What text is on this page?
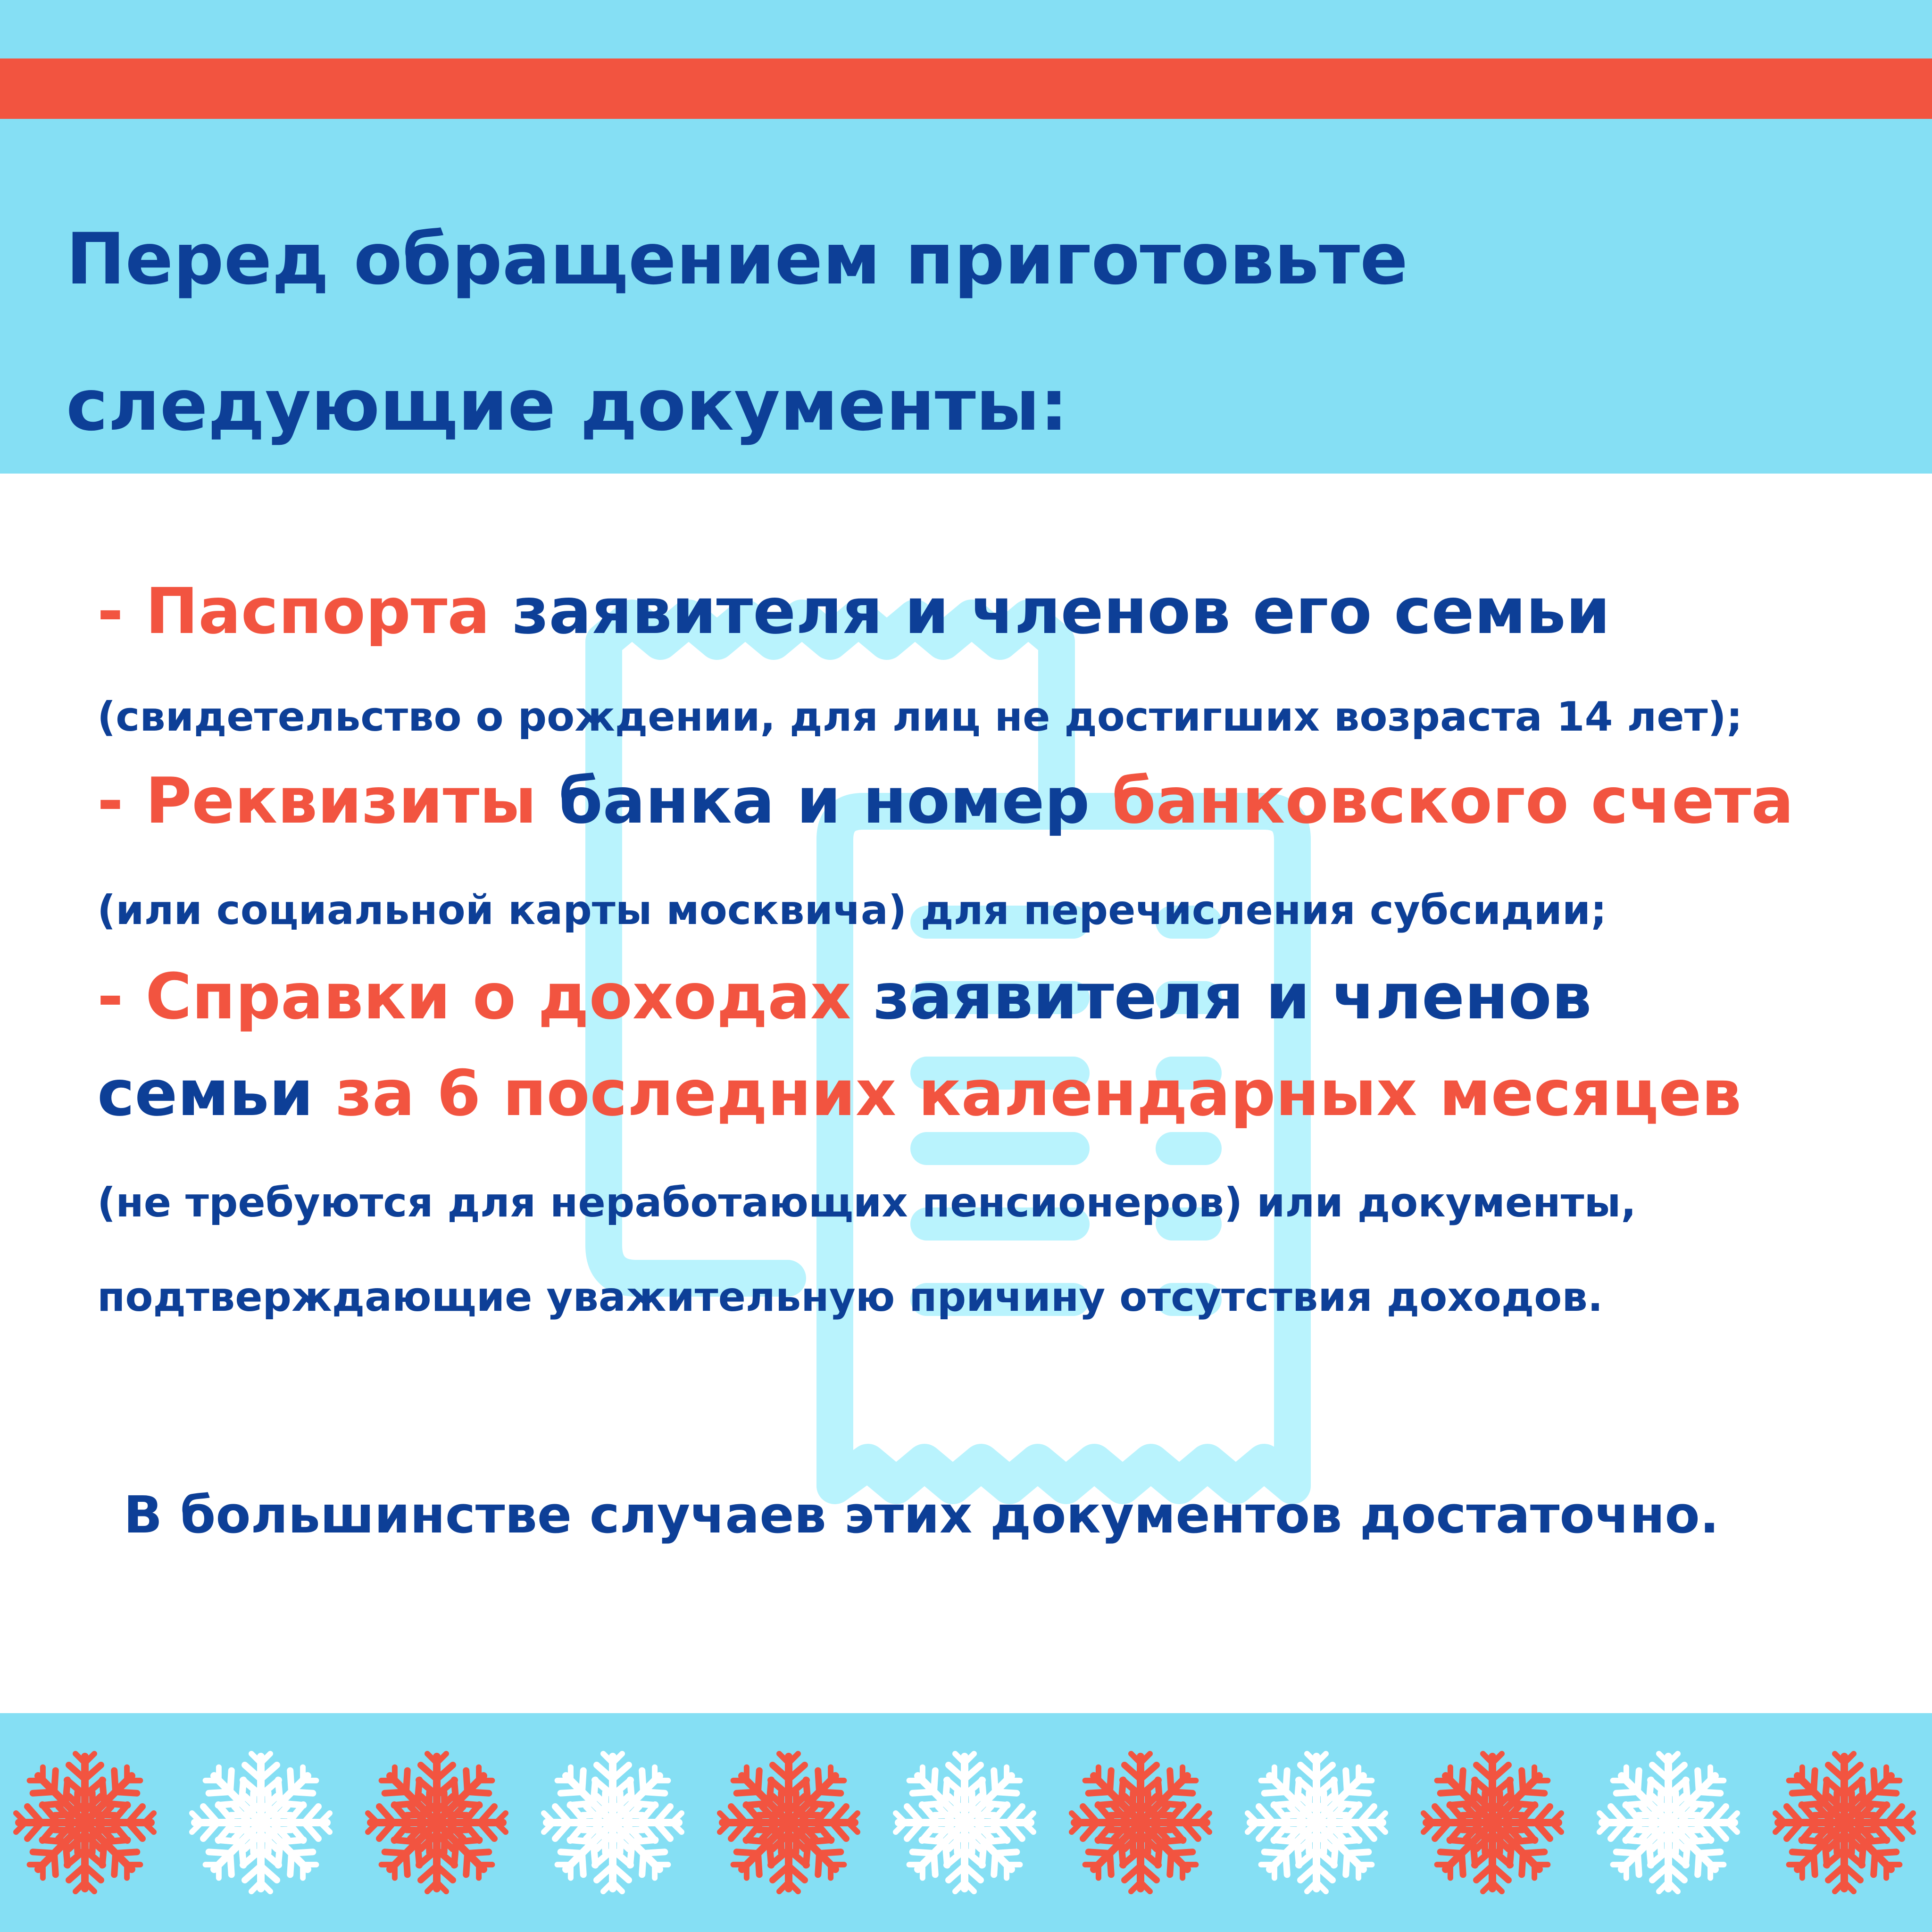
Перед обращением приготовьте
следующие документы:
- Паспорта заявителя и членов его семьи
(свидетельство о рождении, для лиц не достигших возраста 14 лет);
- Реквизиты банка и номер банковского счета
(или социальной карты москвича) для перечисления субсидии;
- Справки о доходах заявителя и членов
семьи за 6 последних календарных месяцев
(не требуются для неработающих пенсионеров) или документы,
подтверждающие уважительную причину отсутствия доходов.
В большинстве случаев этих документов достаточно.
